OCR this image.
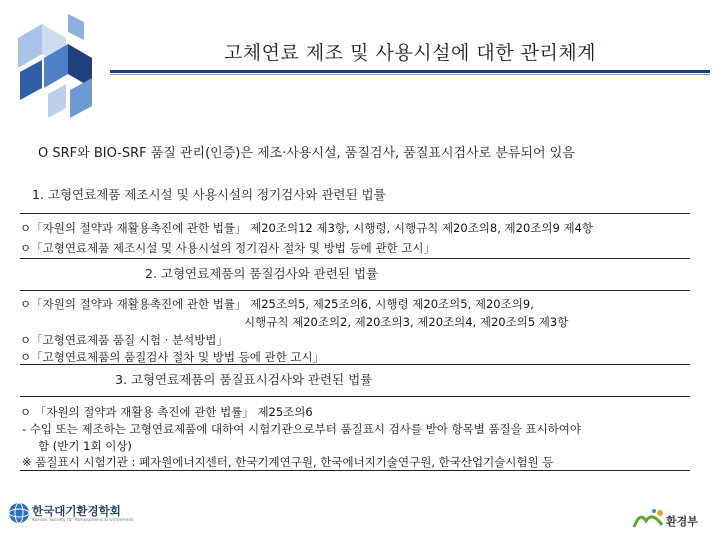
고체연료 제조 및 사용시설에 대한 관리체계
O SRF와 BIO-SRF 품질 관리(인증)은 제조·사용시설, 품질검사, 품질표시검사로 분류되어 있음
1. 고형연료제품 제조시설 및 사용시설의 정기검사와 관련된 법률
ㅇ「자원의 절약과 재활용촉진에 관한 법률」 제20조의12 제3항, 시행령, 시행규칙 제20조의8, 제20조의9 제4항
ㅇ「고형연료제품 제조시설 및 사용시설의 정기검사 절차 및 방법 등에 관한 고시」
2. 고형연료제품의 품질검사와 관련된 법률
ㅇ「자원의 절약과 재활용촉진에 관한 법률」 제25조의5, 제25조의6, 시행령 제20조의5, 제20조의9,
시행규칙 제20조의2, 제20조의3, 제20조의4, 제20조의5 제3항
ㅇ「고형연료제품 품질 시험 · 분석방법」
ㅇ「고형연료제품의 품질검사 절차 및 방법 등에 관한 고시」
3. 고형연료제품의 품질표시검사와 관련된 법률
ㅇ 「자원의 절약과 재활용 촉진에 관한 법률」 제25조의6
- 수입 또는 제조하는 고형연료제품에 대하여 시험기관으로부터 품질표시 검사를 받아 항목별 품질을 표시하여야
함 (반기 1회 이상)
※ 품질표시 시험기관 : 폐자원에너지센터, 한국기계연구원, 한국에너지기술연구원, 한국산업기술시험원 등
한국대기환경학회
Korean Society for Atmospheric Environment	환경부
